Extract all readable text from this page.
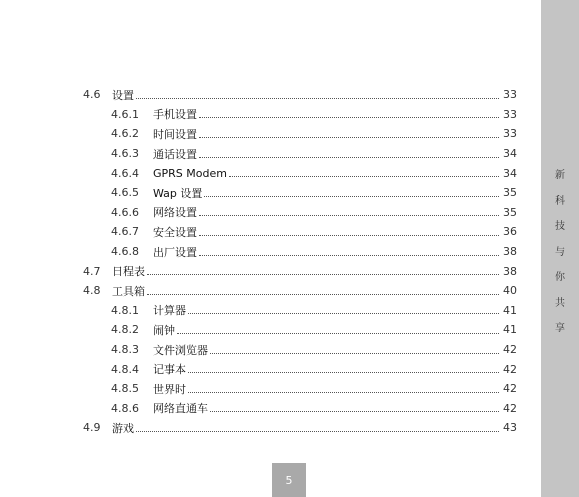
新
科
技
与
你
共
享
4.6	设置	33
4.6.1	手机设置	33
4.6.2	时间设置	33
4.6.3	通话设置	34
4.6.4	GPRS Modem	34
4.6.5	Wap 设置	35
4.6.6	网络设置	35
4.6.7	安全设置	36
4.6.8	出厂设置	38
4.7	日程表	38
4.8	工具箱	40
4.8.1	计算器	41
4.8.2	闹钟	41
4.8.3	文件浏览器	42
4.8.4	记事本	42
4.8.5	世界时	42
4.8.6	网络直通车	42
4.9	游戏	43
5
